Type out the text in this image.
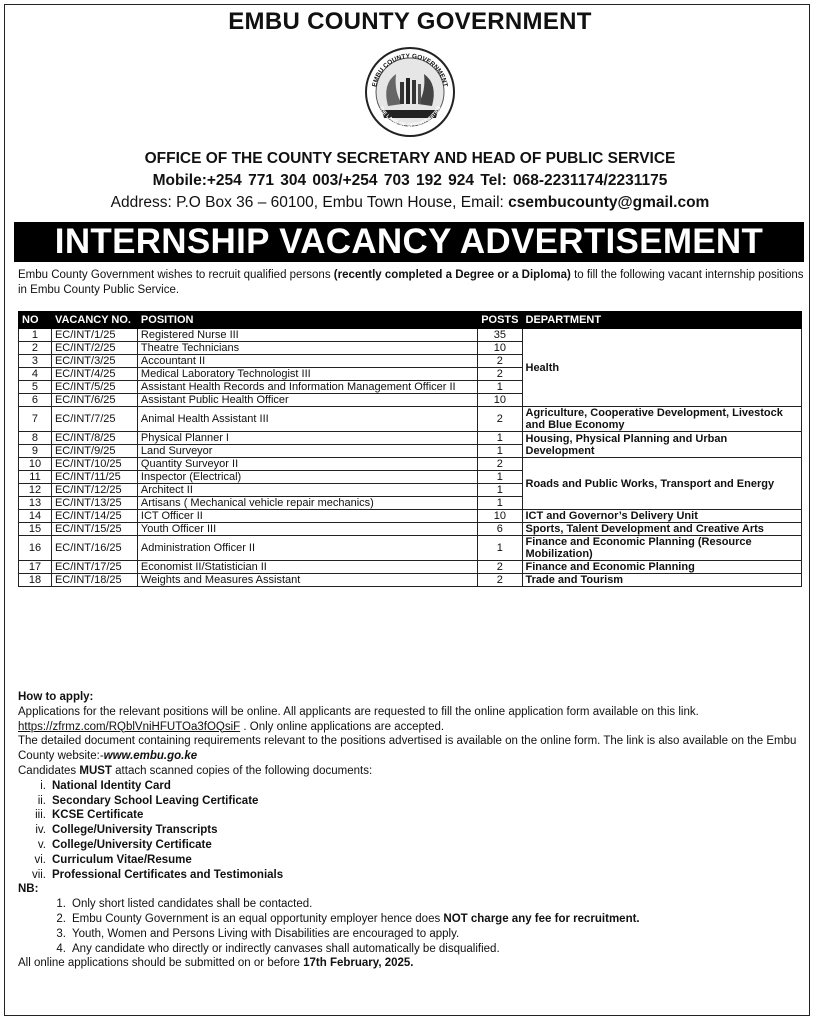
EMBU COUNTY GOVERNMENT
EMBU COUNTY GOVERNMENT
THE LAND OF OPPORTUNITIES
OFFICE OF THE COUNTY SECRETARY AND HEAD OF PUBLIC SERVICE
Mobile:+254 771 304 003/+254 703 192 924 Tel: 068-2231174/2231175
Address: P.O Box 36 – 60100, Embu Town House, Email: csembucounty@gmail.com
INTERNSHIP VACANCY ADVERTISEMENT
Embu County Government wishes to recruit qualified persons (recently completed a Degree or a Diploma) to fill the following vacant internship positions in Embu County Public Service.
NO	VACANCY NO.	POSITION	POSTS	DEPARTMENT
1	EC/INT/1/25	Registered Nurse III	35	Health
2	EC/INT/2/25	Theatre Technicians	10	
3	EC/INT/3/25	Accountant II	2	
4	EC/INT/4/25	Medical Laboratory Technologist III	2	
5	EC/INT/5/25	Assistant Health Records and Information Management Officer II	1	
6	EC/INT/6/25	Assistant Public Health Officer	10	
7	EC/INT/7/25	Animal Health Assistant III	2	Agriculture, Cooperative Development, Livestock and Blue Economy
8	EC/INT/8/25	Physical Planner I	1	Housing, Physical Planning and Urban Development
9	EC/INT/9/25	Land Surveyor	1	
10	EC/INT/10/25	Quantity Surveyor II	2	Roads and Public Works, Transport and Energy
11	EC/INT/11/25	Inspector (Electrical)	1	
12	EC/INT/12/25	Architect II	1	
13	EC/INT/13/25	Artisans ( Mechanical vehicle repair mechanics)	1	
14	EC/INT/14/25	ICT Officer II	10	ICT and Governor’s Delivery Unit
15	EC/INT/15/25	Youth Officer III	6	Sports, Talent Development and Creative Arts
16	EC/INT/16/25	Administration Officer II	1	Finance and Economic Planning (Resource Mobilization)
17	EC/INT/17/25	Economist II/Statistician II	2	Finance and Economic Planning
18	EC/INT/18/25	Weights and Measures Assistant	2	Trade and Tourism
How to apply:
Applications for the relevant positions will be online. All applicants are requested to fill the online application form available on this link. https://zfrmz.com/RQblVniHFUTOa3fOQsiF . Only online applications are accepted.
The detailed document containing requirements relevant to the positions advertised is available on the online form. The link is also available on the Embu County website:-www.embu.go.ke
Candidates MUST attach scanned copies of the following documents:
i. National Identity Card
ii. Secondary School Leaving Certificate
iii. KCSE Certificate
iv. College/University Transcripts
v. College/University Certificate
vi. Curriculum Vitae/Resume
vii. Professional Certificates and Testimonials
NB:
1. Only short listed candidates shall be contacted.
2. Embu County Government is an equal opportunity employer hence does NOT charge any fee for recruitment.
3. Youth, Women and Persons Living with Disabilities are encouraged to apply.
4. Any candidate who directly or indirectly canvases shall automatically be disqualified.
All online applications should be submitted on or before 17th February, 2025.
